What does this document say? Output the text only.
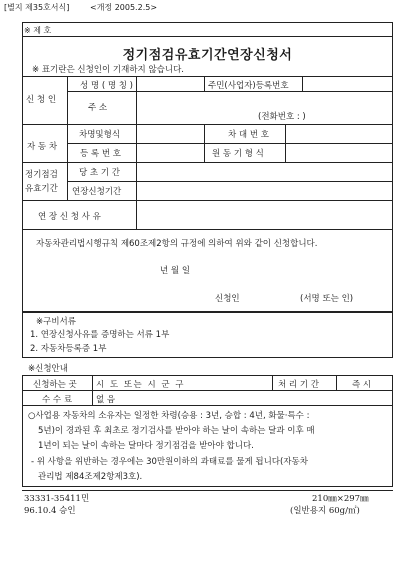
[별지 제35호서식]	<개정 2005.2.5>
※ 제 호
정기점검유효기간연장신청서
※ 표기란은 신청인이 기재하지 않습니다.
신 청 인
성 명 ( 명 칭 )	주민(사업자)등록번호
주 소
(전화번호 : )
자 동 차
차명및형식	차 대 번 호
등 록 번 호	원 동 기 형 식
정기점검
유효기간
당 초 기 간
연장신청기간
연 장 신 청 사 유
자동차관리법시행규칙 제60조제2항의 규정에 의하여 위와 같이 신청합니다.
년 월 일
신청인	(서명 또는 인)
※구비서류
1. 연장신청사유를 증명하는 서류 1부
2. 자동차등록증 1부
※신청안내
신청하는 곳 시 도 또는 시 군 구	처 리 기 간	즉 시
수 수 료	없 음
○사업용 자동차의 소유자는 일정한 차령(승용 : 3년, 승합 : 4년, 화물·특수 :
5년)이 경과된 후 최초로 정기검사를 받아야 하는 날이 속하는 달과 이후 매
1년이 되는 날이 속하는 달마다 정기점검을 받아야 합니다.
- 위 사항을 위반하는 경우에는 30만원이하의 과태료를 물게 됩니다(자동차
관리법 제84조제2항제3호).
33331-35411민
96.10.4 승인
210㎜×297㎜
(일반용지 60g/㎡)
